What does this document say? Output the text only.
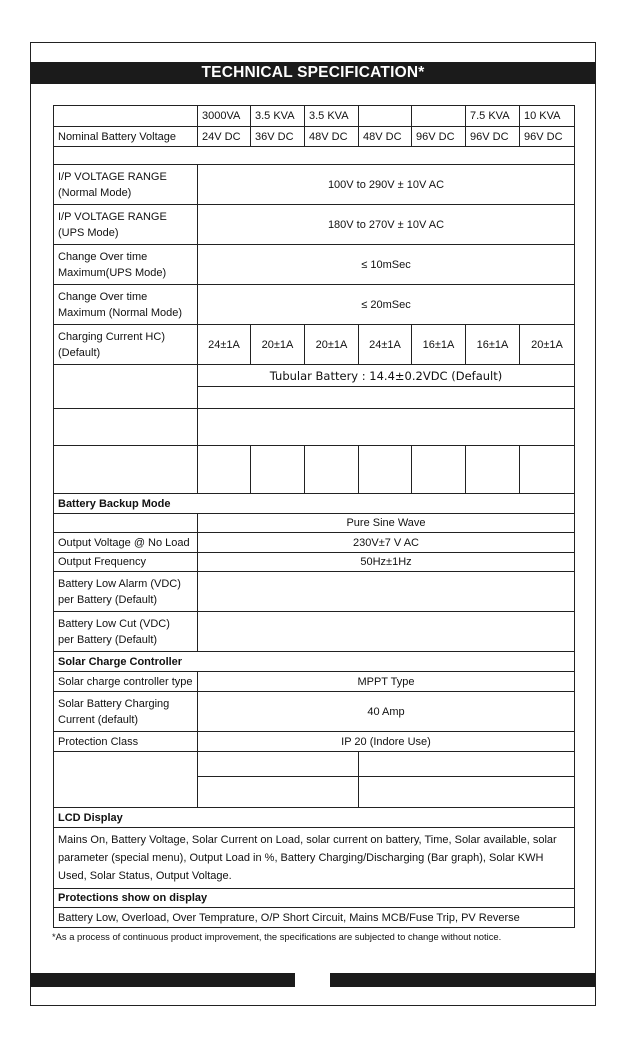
TECHNICAL SPECIFICATION*
	3000VA	3.5 KVA	3.5 KVA			7.5 KVA	10 KVA
Nominal Battery Voltage	24V DC	36V DC	48V DC	48V DC	96V DC	96V DC	96V DC

I/P VOLTAGE RANGE
(Normal Mode)	100V to 290V ± 10V AC
I/P VOLTAGE RANGE
(UPS Mode)	180V to 270V ± 10V AC
Change Over time
Maximum(UPS Mode)	≤ 10mSec
Change Over time
Maximum (Normal Mode)	≤ 20mSec
Charging Current HC)
(Default)	24±1A	20±1A	20±1A	24±1A	16±1A	16±1A	20±1A

Tubular Battery : 14.4±0.2VDC (Default)

Battery Backup Mode
	Pure Sine Wave
Output Voltage @ No Load	230V±7 V AC
Output Frequency	50Hz±1Hz
Battery Low Alarm (VDC)
per Battery (Default)	
Battery Low Cut (VDC)
per Battery (Default)	
Solar Charge Controller
Solar charge controller type	MPPT Type
Solar Battery Charging
Current (default)	40 Amp
Protection Class	IP 20 (Indore Use)

LCD Display
Mains On, Battery Voltage, Solar Current on Load, solar current on battery, Time, Solar available, solar parameter (special menu), Output Load in %, Battery Charging/Discharging (Bar graph), Solar KWH Used, Solar Status, Output Voltage.
Protections show on display
Battery Low, Overload, Over Temprature, O/P Short Circuit, Mains MCB/Fuse Trip, PV Reverse
*As a process of continuous product improvement, the specifications are subjected to change without notice.
